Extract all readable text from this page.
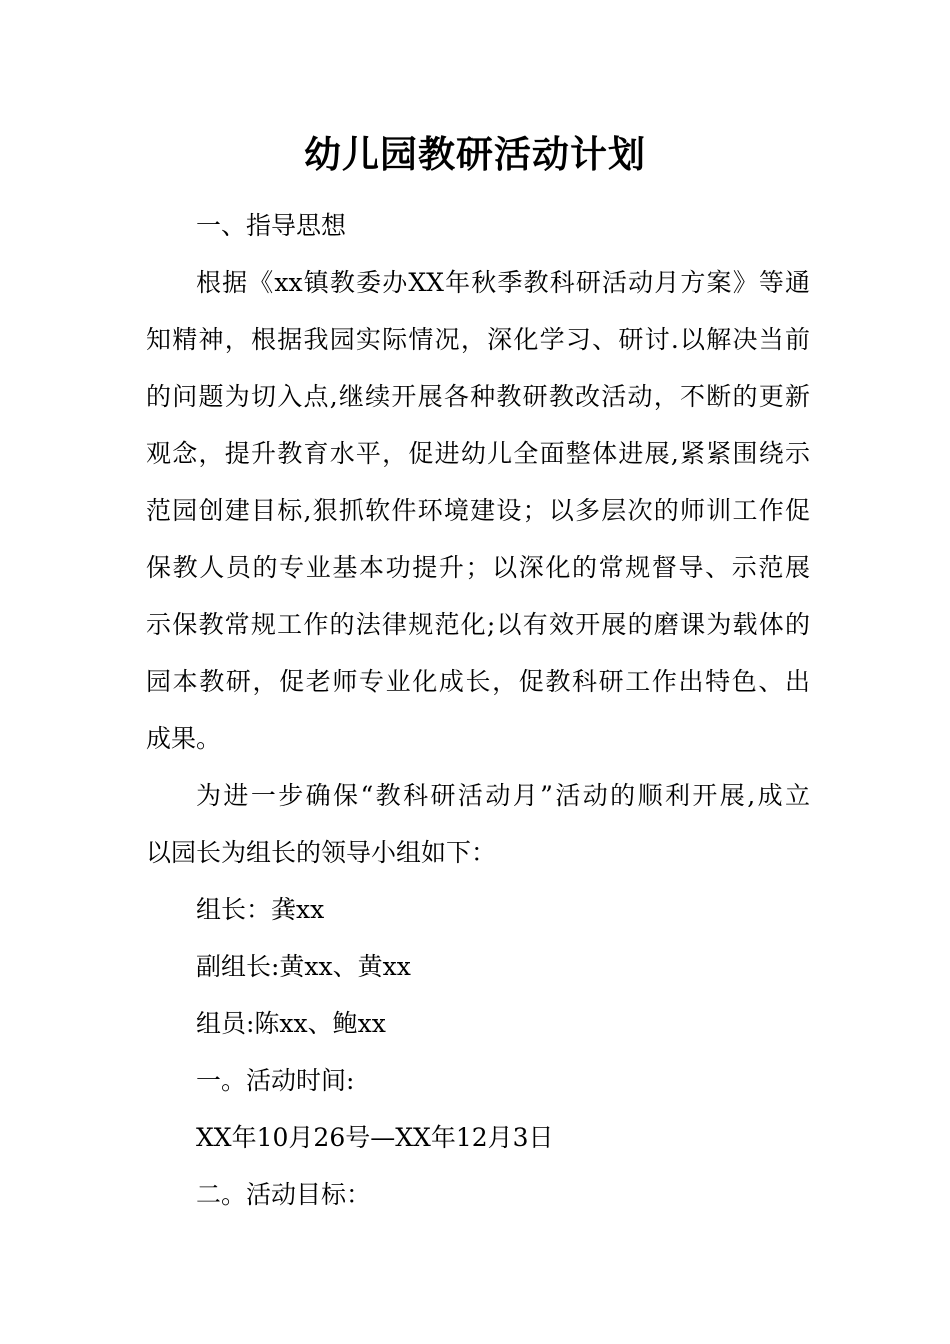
幼儿园教研活动计划
一、指导思想
根据《xx镇教委办XX年秋季教科研活动月方案》等通
知精神，根据我园实际情况，深化学习、研讨.以解决当前
的问题为切入点,继续开展各种教研教改活动，不断的更新
观念，提升教育水平，促进幼儿全面整体进展,紧紧围绕示
范园创建目标,狠抓软件环境建设；以多层次的师训工作促
保教人员的专业基本功提升；以深化的常规督导、示范展
示保教常规工作的法律规范化;以有效开展的磨课为载体的
园本教研，促老师专业化成长，促教科研工作出特色、出
成果。
为进一步确保“教科研活动月”活动的顺利开展,成立
以园长为组长的领导小组如下：
组长：龚xx
副组长:黄xx、黄xx
组员:陈xx、鲍xx
一。活动时间:
XX年10月26号—XX年12月3日
二。活动目标：
